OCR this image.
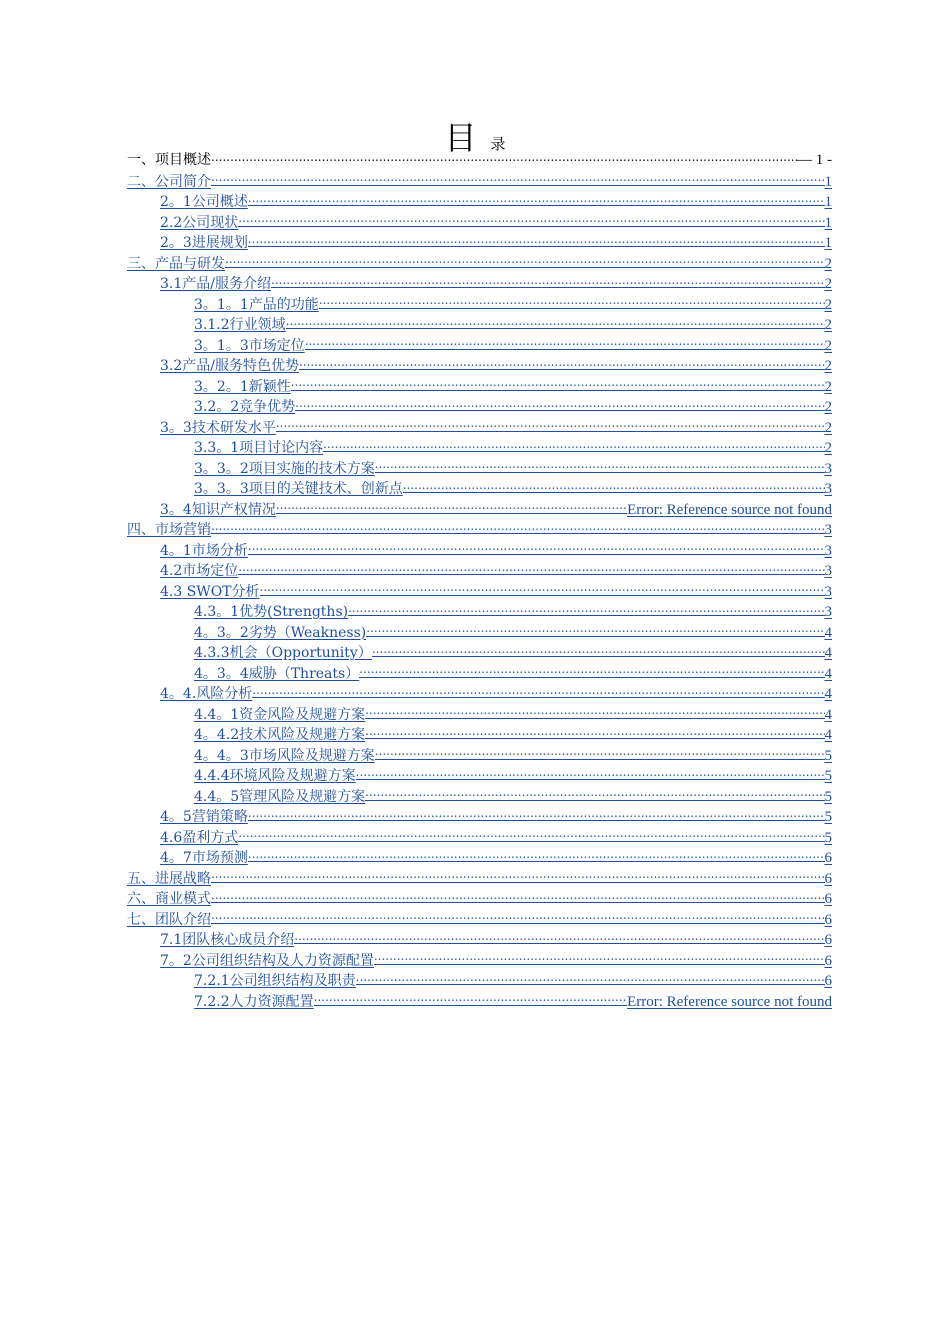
目录
一、项目概述 .....	— 1 -
二、公司简介 .....	1
2。1公司概述 .....	1
2.2公司现状 .....	1
2。3进展规划 .....	1
三、产品与研发 .....	2
3.1产品/服务介绍 .....	2
3。1。1产品的功能 .....	2
3.1.2行业领域 .....	2
3。1。3市场定位 .....	2
3.2产品/服务特色优势 .....	2
3。2。1新颖性 .....	2
3.2。2竞争优势 .....	2
3。3技术研发水平 .....	2
3.3。1项目讨论内容 .....	2
3。3。2项目实施的技术方案 .....	3
3。3。3项目的关键技术、创新点 .....	3
3。4知识产权情况 .....	Error: Reference source not found
四、市场营销 .....	3
4。1市场分析 .....	3
4.2市场定位 .....	3
4.3 SWOT分析 .....	3
4.3。1优势(Strengths) .....	3
4。3。2劣势（Weakness) .....	4
4.3.3机会（Opportunity） .....	4
4。3。4威胁（Threats） .....	4
4。4.风险分析 .....	4
4.4。1资金风险及规避方案 .....	4
4。4.2技术风险及规避方案 .....	4
4。4。3市场风险及规避方案 .....	5
4.4.4环境风险及规避方案 .....	5
4.4。5管理风险及规避方案 .....	5
4。5营销策略 .....	5
4.6盈利方式 .....	5
4。7市场预测 .....	6
五、进展战略 .....	6
六、商业模式 .....	6
七、团队介绍 .....	6
7.1团队核心成员介绍 .....	6
7。2公司组织结构及人力资源配置 .....	6
7.2.1公司组织结构及职责 .....	6
7.2.2人力资源配置 .....	Error: Reference source not found
